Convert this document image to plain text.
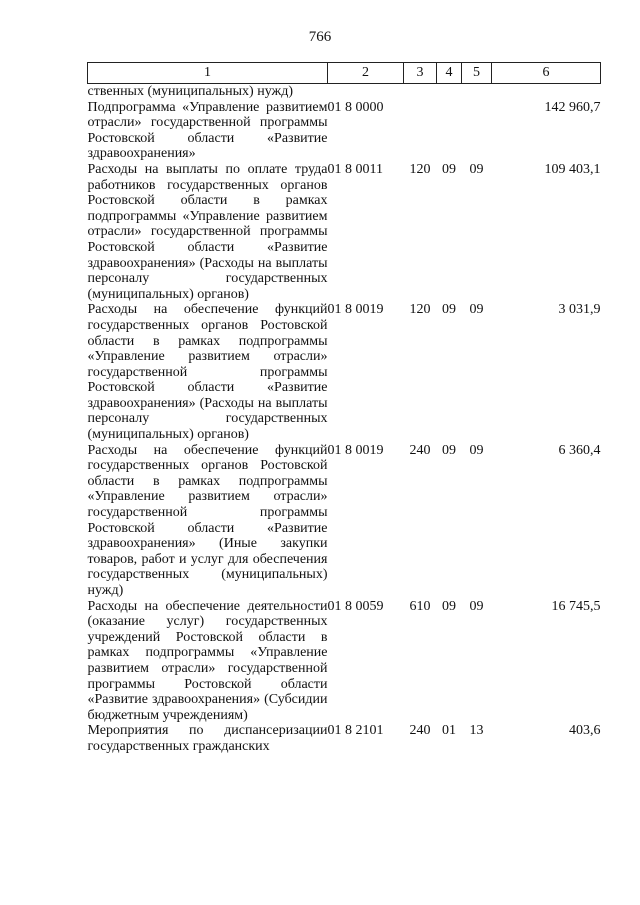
766
1	2	3	4	5	6
ственных (муниципальных) нужд)					
Подпрограмма «Управление развитием отрасли» государственной программы Ростовской области «Развитие здравоохранения»	01 8 0000				142 960,7
Расходы на выплаты по оплате труда работников государственных органов Ростовской области в рамках подпрограммы «Управление развитием отрасли» государственной программы Ростовской области «Развитие здравоохранения» (Расходы на выплаты персоналу государственных (муниципальных) органов)	01 8 0011	120	09	09	109 403,1
Расходы на обеспечение функций государственных органов Ростовской области в рамках подпрограммы «Управление развитием отрасли» государственной программы Ростовской области «Развитие здравоохранения» (Расходы на выплаты персоналу государственных (муниципальных) органов)	01 8 0019	120	09	09	3 031,9
Расходы на обеспечение функций государственных органов Ростовской области в рамках подпрограммы «Управление развитием отрасли» государственной программы Ростовской области «Развитие здравоохранения» (Иные закупки товаров, работ и услуг для обеспечения государственных (муниципальных) нужд)	01 8 0019	240	09	09	6 360,4
Расходы на обеспечение деятельности (оказание услуг) государственных учреждений Ростовской области в рамках подпрограммы «Управление развитием отрасли» государственной программы Ростовской области «Развитие здравоохранения» (Субсидии бюджетным учреждениям)	01 8 0059	610	09	09	16 745,5
Мероприятия по диспансеризации государственных гражданских	01 8 2101	240	01	13	403,6
